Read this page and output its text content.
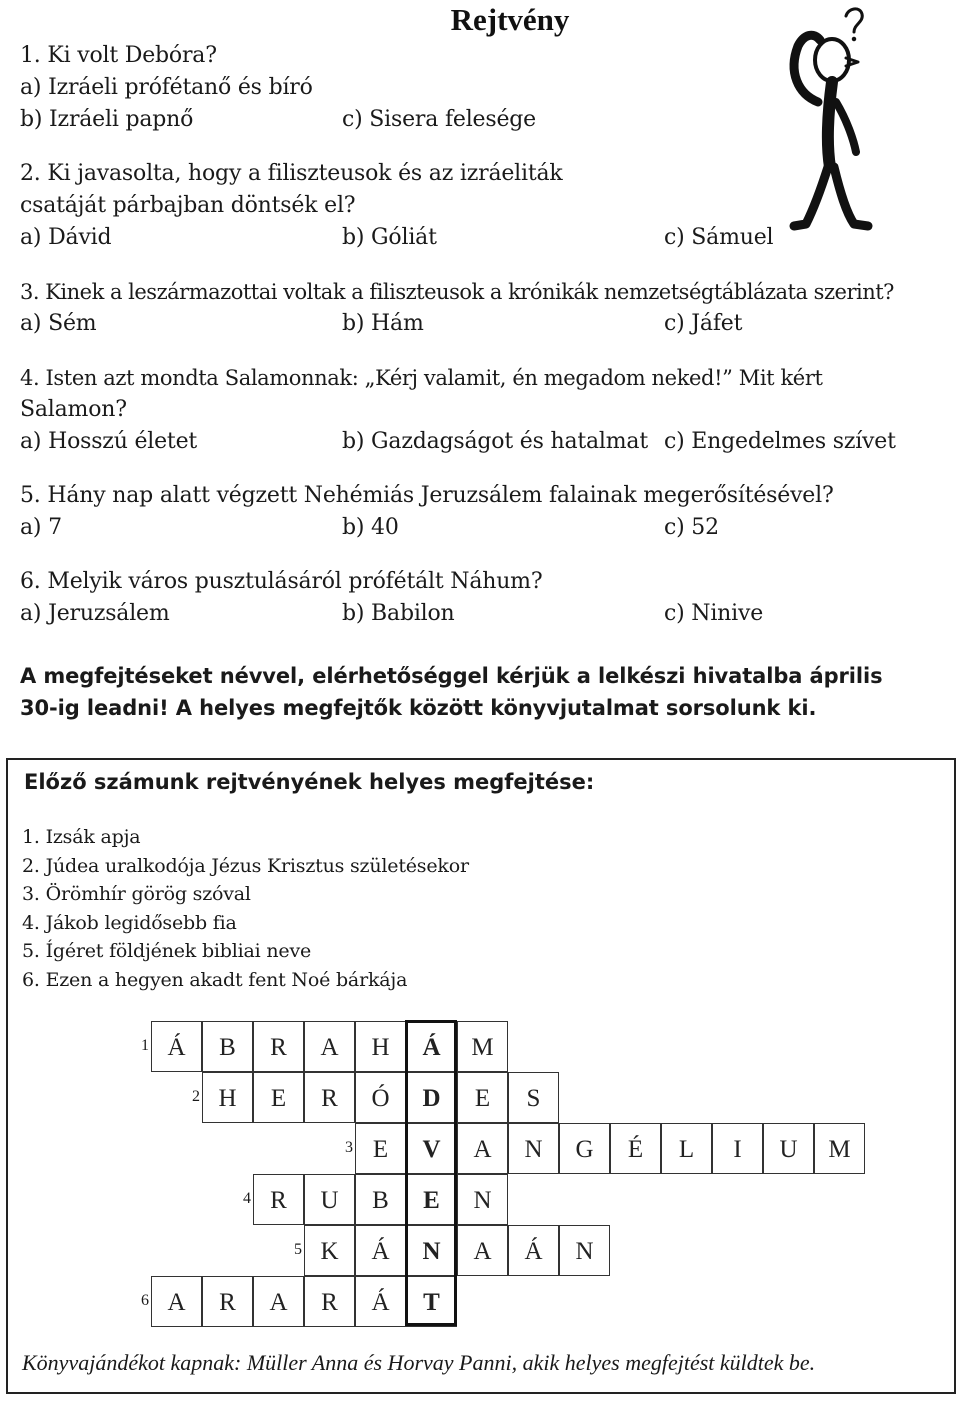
Rejtvény
1. Ki volt Debóra?
a) Izráeli prófétanő és bíró
b) Izráeli papnő	c) Sisera felesége
2. Ki javasolta, hogy a filiszteusok és az izráeliták
csatáját párbajban döntsék el?
a) Dávid	b) Góliát	c) Sámuel
3. Kinek a leszármazottai voltak a filiszteusok a krónikák nemzetségtáblázata szerint?
a) Sém	b) Hám	c) Jáfet
4. Isten azt mondta Salamonnak: „Kérj valamit, én megadom neked!” Mit kért
Salamon?
a) Hosszú életet	b) Gazdagságot és hatalmat c) Engedelmes szívet
5. Hány nap alatt végzett Nehémiás Jeruzsálem falainak megerősítésével?
a) 7	b) 40	c) 52
6. Melyik város pusztulásáról prófétált Náhum?
a) Jeruzsálem	b) Babilon	c) Ninive
A megfejtéseket névvel, elérhetőséggel kérjük a lelkészi hivatalba április 30-ig leadni! A helyes megfejtők között könyvjutalmat sorsolunk ki.
Előző számunk rejtvényének helyes megfejtése:
1. Izsák apja
2. Júdea uralkodója Jézus Krisztus születésekor
3. Örömhír görög szóval
4. Jákob legidősebb fia
5. Ígéret földjének bibliai neve
6. Ezen a hegyen akadt fent Noé bárkája
1 Á	B	R	A	H	Á	M
2 H	E	R	Ó	D	E	S
3 E	V	A	N	G	É	L	I	U	M
4 R	U	B	E	N
5 K	Á	N	A	Á	N
6 A	R	A	R	Á	T
Könyvajándékot kapnak: Müller Anna és Horvay Panni, akik helyes megfejtést küldtek be.
